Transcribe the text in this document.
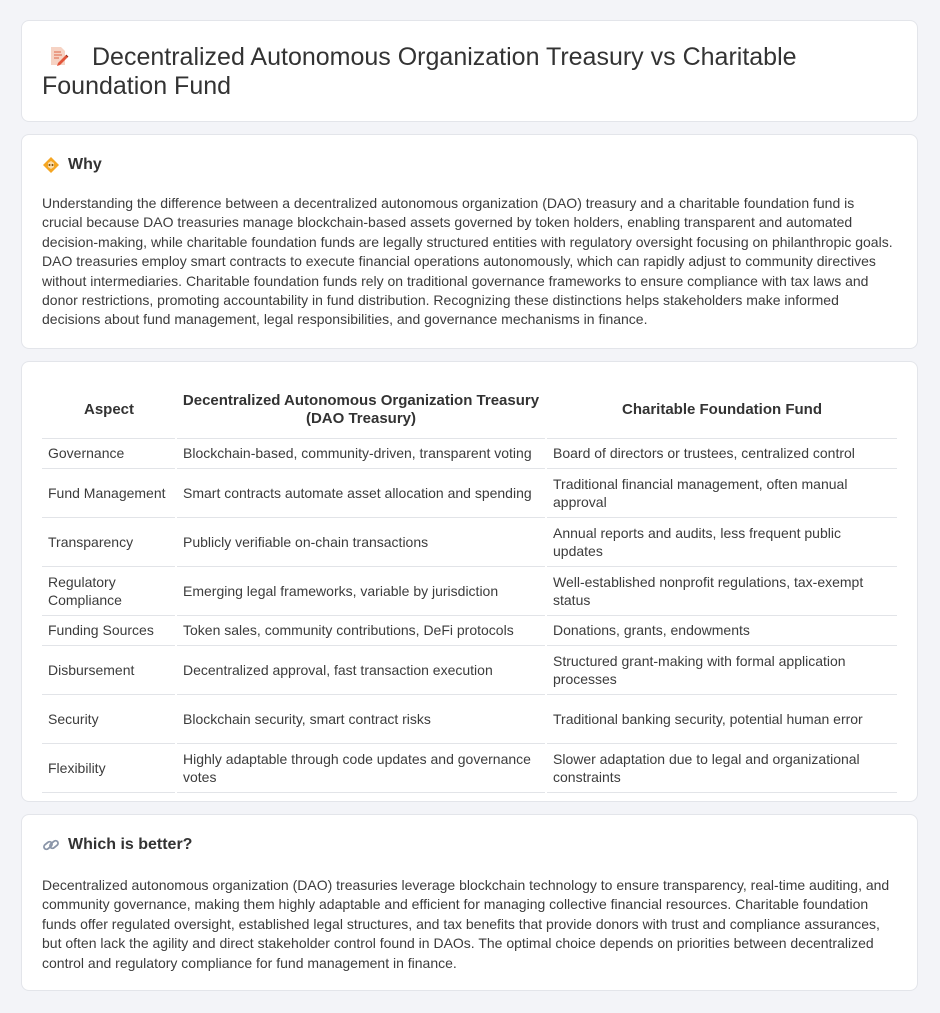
Decentralized Autonomous Organization Treasury vs Charitable Foundation Fund
Why

Understanding the difference between a decentralized autonomous organization (DAO) treasury and a charitable foundation fund is crucial because DAO treasuries manage blockchain-based assets governed by token holders, enabling transparent and automated decision-making, while charitable foundation funds are legally structured entities with regulatory oversight focusing on philanthropic goals. DAO treasuries employ smart contracts to execute financial operations autonomously, which can rapidly adjust to community directives without intermediaries. Charitable foundation funds rely on traditional governance frameworks to ensure compliance with tax laws and donor restrictions, promoting accountability in fund distribution. Recognizing these distinctions helps stakeholders make informed decisions about fund management, legal responsibilities, and governance mechanisms in finance.

Aspect	Decentralized Autonomous Organization Treasury (DAO Treasury)	Charitable Foundation Fund
Governance	Blockchain-based, community-driven, transparent voting	Board of directors or trustees, centralized control
Fund Management	Smart contracts automate asset allocation and spending	Traditional financial management, often manual approval
Transparency	Publicly verifiable on-chain transactions	Annual reports and audits, less frequent public updates
Regulatory Compliance	Emerging legal frameworks, variable by jurisdiction	Well-established nonprofit regulations, tax-exempt status
Funding Sources	Token sales, community contributions, DeFi protocols	Donations, grants, endowments
Disbursement	Decentralized approval, fast transaction execution	Structured grant-making with formal application processes
Security	Blockchain security, smart contract risks	Traditional banking security, potential human error
Flexibility	Highly adaptable through code updates and governance votes	Slower adaptation due to legal and organizational constraints
Which is better?

Decentralized autonomous organization (DAO) treasuries leverage blockchain technology to ensure transparency, real-time auditing, and community governance, making them highly adaptable and efficient for managing collective financial resources. Charitable foundation funds offer regulated oversight, established legal structures, and tax benefits that provide donors with trust and compliance assurances, but often lack the agility and direct stakeholder control found in DAOs. The optimal choice depends on priorities between decentralized control and regulatory compliance for fund management in finance.
